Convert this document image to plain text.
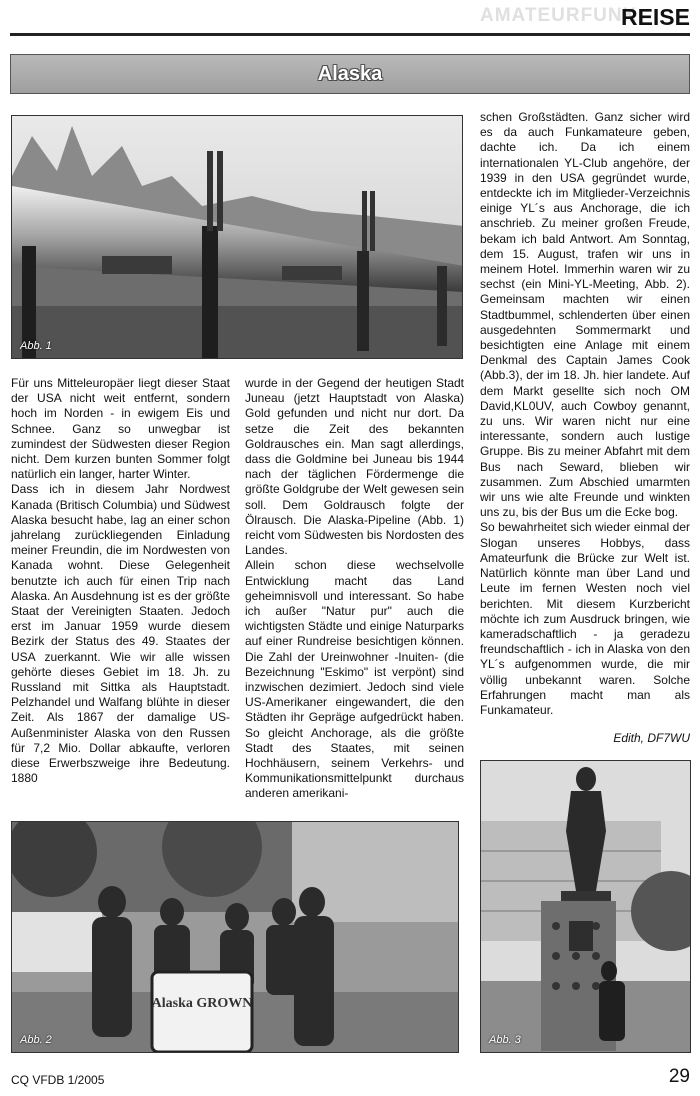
AMATEURFUNK
REISE
Alaska
Abb. 1

Für uns Mitteleuropäer liegt dieser Staat der USA nicht weit entfernt, sondern hoch im Norden - in ewigem Eis und Schnee. Ganz so unwegbar ist zumindest der Südwesten dieser Region nicht. Dem kurzen bunten Sommer folgt natürlich ein langer, harter Winter.

Dass ich in diesem Jahr Nordwest Kanada (Britisch Columbia) und Südwest Alaska besucht habe, lag an einer schon jahrelang zurückliegenden Einladung meiner Freundin, die im Nordwesten von Kanada wohnt. Diese Gelegenheit benutzte ich auch für einen Trip nach Alaska. An Ausdehnung ist es der größte Staat der Vereinigten Staaten. Jedoch erst im Januar 1959 wurde diesem Bezirk der Status des 49. Staates der USA zuerkannt. Wie wir alle wissen gehörte dieses Gebiet im 18. Jh. zu Russland mit Sittka als Hauptstadt. Pelzhandel und Walfang blühte in dieser Zeit. Als 1867 der damalige US-Außenminister Alaska von den Russen für 7,2 Mio. Dollar abkaufte, verloren diese Erwerbszweige ihre Bedeutung. 1880

wurde in der Gegend der heutigen Stadt Juneau (jetzt Hauptstadt von Alaska) Gold gefunden und nicht nur dort. Da setze die Zeit des bekannten Goldrausches ein. Man sagt allerdings, dass die Goldmine bei Juneau bis 1944 nach der täglichen Fördermenge die größte Goldgrube der Welt gewesen sein soll. Dem Goldrausch folgte der Ölrausch. Die Alaska-Pipeline (Abb. 1) reicht vom Südwesten bis Nordosten des Landes.

Allein schon diese wechselvolle Entwicklung macht das Land geheimnisvoll und interessant. So habe ich außer "Natur pur" auch die wichtigsten Städte und einige Naturparks auf einer Rundreise besichtigen können. Die Zahl der Ureinwohner -Inuiten- (die Bezeichnung "Eskimo" ist verpönt) sind inzwischen dezimiert. Jedoch sind viele US-Amerikaner eingewandert, die den Städten ihr Gepräge aufgedrückt haben. So gleicht Anchorage, als die größte Stadt des Staates, mit seinen Hochhäusern, seinem Verkehrs- und Kommunikationsmittelpunkt durchaus anderen amerikani-

schen Großstädten. Ganz sicher wird es da auch Funkamateure geben, dachte ich. Da ich einem internationalen YL-Club angehöre, der 1939 in den USA gegründet wurde, entdeckte ich im Mitglieder-Verzeichnis einige YL´s aus Anchorage, die ich anschrieb. Zu meiner großen Freude, bekam ich bald Antwort. Am Sonntag, dem 15. August, trafen wir uns in meinem Hotel. Immerhin waren wir zu sechst (ein Mini-YL-Meeting, Abb. 2). Gemeinsam machten wir einen Stadtbummel, schlenderten über einen ausgedehnten Sommermarkt und besichtigten eine Anlage mit einem Denkmal des Captain James Cook (Abb.3), der im 18. Jh. hier landete. Auf dem Markt gesellte sich noch OM David,KL0UV, auch Cowboy genannt, zu uns. Wir waren nicht nur eine interessante, sondern auch lustige Gruppe. Bis zu meiner Abfahrt mit dem Bus nach Seward, blieben wir zusammen. Zum Abschied umarmten wir uns wie alte Freunde und winkten uns zu, bis der Bus um die Ecke bog.

So bewahrheitet sich wieder einmal der Slogan unseres Hobbys, dass Amateurfunk die Brücke zur Welt ist. Natürlich könnte man über Land und Leute im fernen Westen noch viel berichten. Mit diesem Kurzbericht möchte ich zum Ausdruck bringen, wie kameradschaftlich - ja geradezu freundschaftlich - ich in Alaska von den YL´s aufgenommen wurde, die mir völlig unbekannt waren. Solche Erfahrungen macht man als Funkamateur.

Edith, DF7WU
Alaska GROWN
Abb. 2	Abb. 3
CQ VFDB 1/2005	29
